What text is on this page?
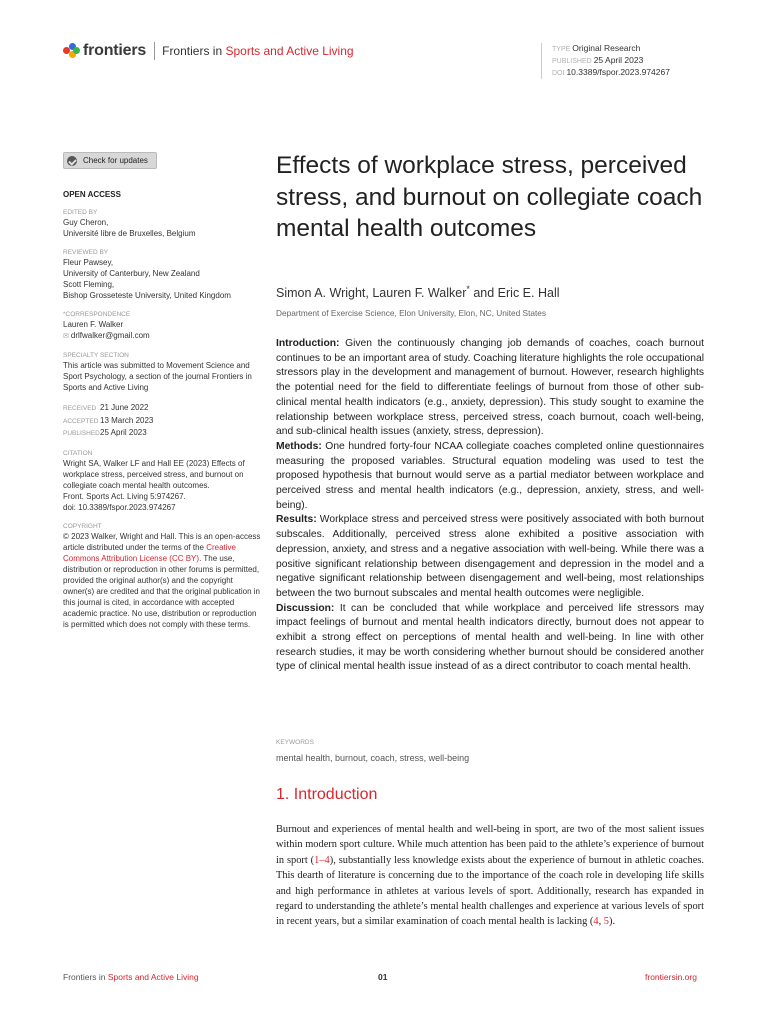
frontiers Frontiers in Sports and Active Living	TYPE Original Research
PUBLISHED 25 April 2023
DOI 10.3389/fspor.2023.974267
Check for updates
OPEN ACCESS
EDITED BY
Guy Cheron,
Université libre de Bruxelles, Belgium
REVIEWED BY
Fleur Pawsey,
University of Canterbury, New Zealand
Scott Fleming,
Bishop Grosseteste University, United Kingdom
*CORRESPONDENCE
Lauren F. Walker
✉ drlfwalker@gmail.com
SPECIALTY SECTION
This article was submitted to Movement Science and Sport Psychology, a section of the journal Frontiers in Sports and Active Living
RECEIVED 21 June 2022
ACCEPTED 13 March 2023
PUBLISHED25 April 2023
CITATION
Wright SA, Walker LF and Hall EE (2023) Effects of workplace stress, perceived stress, and burnout on collegiate coach mental health outcomes.
Front. Sports Act. Living 5:974267.
doi: 10.3389/fspor.2023.974267
COPYRIGHT
© 2023 Walker, Wright and Hall. This is an open-access article distributed under the terms of the Creative Commons Attribution License (CC BY). The use, distribution or reproduction in other forums is permitted, provided the original author(s) and the copyright owner(s) are credited and that the original publication in this journal is cited, in accordance with accepted academic practice. No use, distribution or reproduction is permitted which does not comply with these terms.
Effects of workplace stress, perceived stress, and burnout on collegiate coach mental health outcomes
Simon A. Wright, Lauren F. Walker* and Eric E. Hall
Department of Exercise Science, Elon University, Elon, NC, United States

Introduction: Given the continuously changing job demands of coaches, coach burnout continues to be an important area of study. Coaching literature highlights the role occupational stressors play in the development and management of burnout. However, research highlights the potential need for the field to differentiate feelings of burnout from those of other sub-clinical mental health indicators (e.g., anxiety, depression). This study sought to examine the relationship between workplace stress, perceived stress, coach burnout, coach well-being, and sub-clinical health issues (anxiety, stress, depression).

Methods: One hundred forty-four NCAA collegiate coaches completed online questionnaires measuring the proposed variables. Structural equation modeling was used to test the proposed hypothesis that burnout would serve as a partial mediator between workplace and perceived stress and mental health indicators (e.g., depression, anxiety, stress, and well-being).

Results: Workplace stress and perceived stress were positively associated with both burnout subscales. Additionally, perceived stress alone exhibited a positive association with depression, anxiety, and stress and a negative association with well-being. While there was a positive significant relationship between disengagement and depression in the model and a negative significant relationship between disengagement and well-being, most relationships between the two burnout subscales and mental health outcomes were negligible.

Discussion: It can be concluded that while workplace and perceived life stressors may impact feelings of burnout and mental health indicators directly, burnout does not appear to exhibit a strong effect on perceptions of mental health and well-being. In line with other research studies, it may be worth considering whether burnout should be considered another type of clinical mental health issue instead of as a direct contributor to coach mental health.

KEYWORDS
mental health, burnout, coach, stress, well-being
1. Introduction

Burnout and experiences of mental health and well-being in sport, are two of the most salient issues within modern sport culture. While much attention has been paid to the athlete’s experience of burnout in sport (1–4), substantially less knowledge exists about the experience of burnout in athletic coaches. This dearth of literature is concerning due to the importance of the coach role in developing life skills and high performance in athletes at various levels of sport. Additionally, research has expanded in regard to understanding the athlete’s mental health challenges and experience at various levels of sport in recent years, but a similar examination of coach mental health is lacking (4, 5).

Frontiers in Sports and Active Living	01	frontiersin.org
